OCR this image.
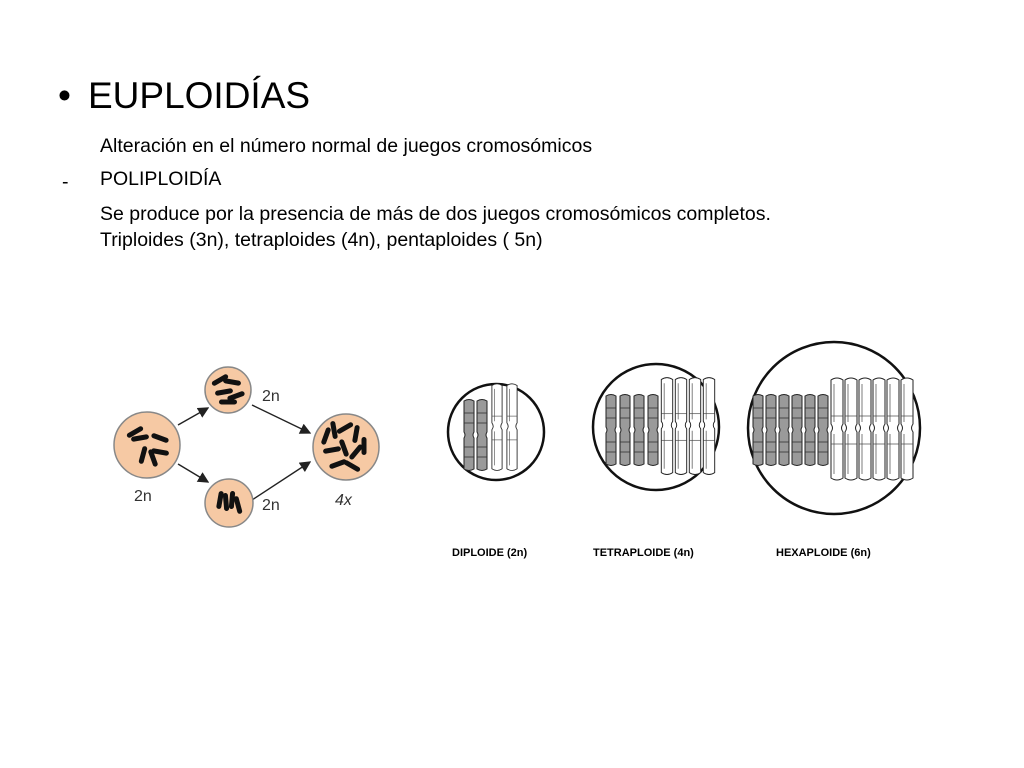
• EUPLOIDÍAS
Alteración en el número normal de juegos cromosómicos
- POLIPLOIDÍA
Se produce por la presencia de más de dos juegos cromosómicos completos.
Triploides (3n), tetraploides (4n), pentaploides ( 5n)
2n
2n
2n	4x
DIPLOIDE (2n)	TETRAPLOIDE (4n)	HEXAPLOIDE (6n)
